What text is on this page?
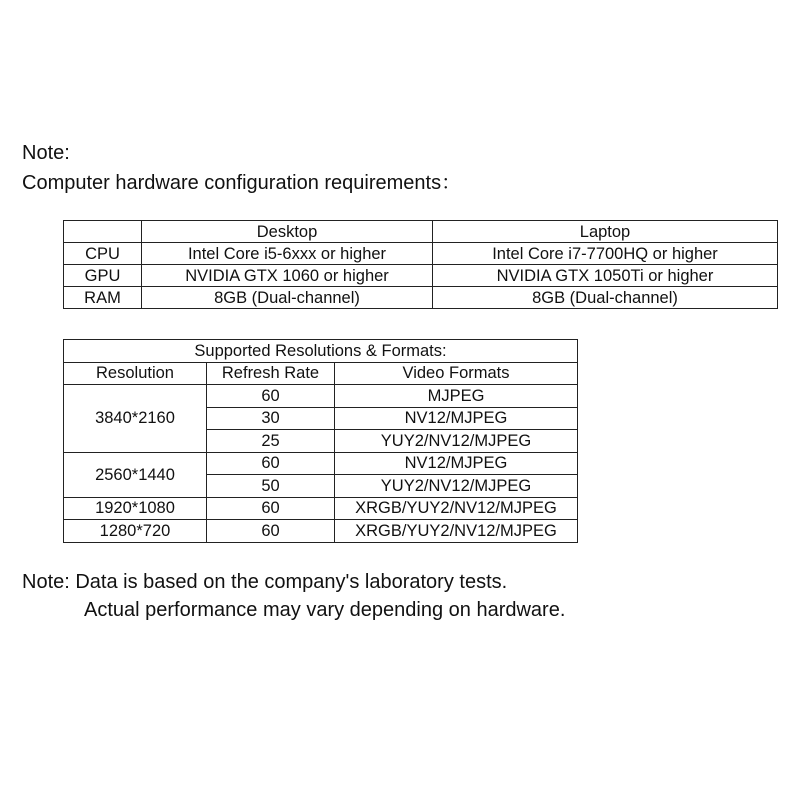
Note:
Computer hardware configuration requirements：
	Desktop	Laptop
CPU	Intel Core i5-6xxx or higher	Intel Core i7-7700HQ or higher
GPU	NVIDIA GTX 1060 or higher	NVIDIA GTX 1050Ti or higher
RAM	8GB (Dual-channel)	8GB (Dual-channel)
Supported Resolutions & Formats:		
Resolution	Refresh Rate	Video Formats
3840*2160	60	MJPEG
	30	NV12/MJPEG
	25	YUY2/NV12/MJPEG
2560*1440	60	NV12/MJPEG
	50	YUY2/NV12/MJPEG
1920*1080	60	XRGB/YUY2/NV12/MJPEG
1280*720	60	XRGB/YUY2/NV12/MJPEG
Note: Data is based on the company's laboratory tests.
Actual performance may vary depending on hardware.
